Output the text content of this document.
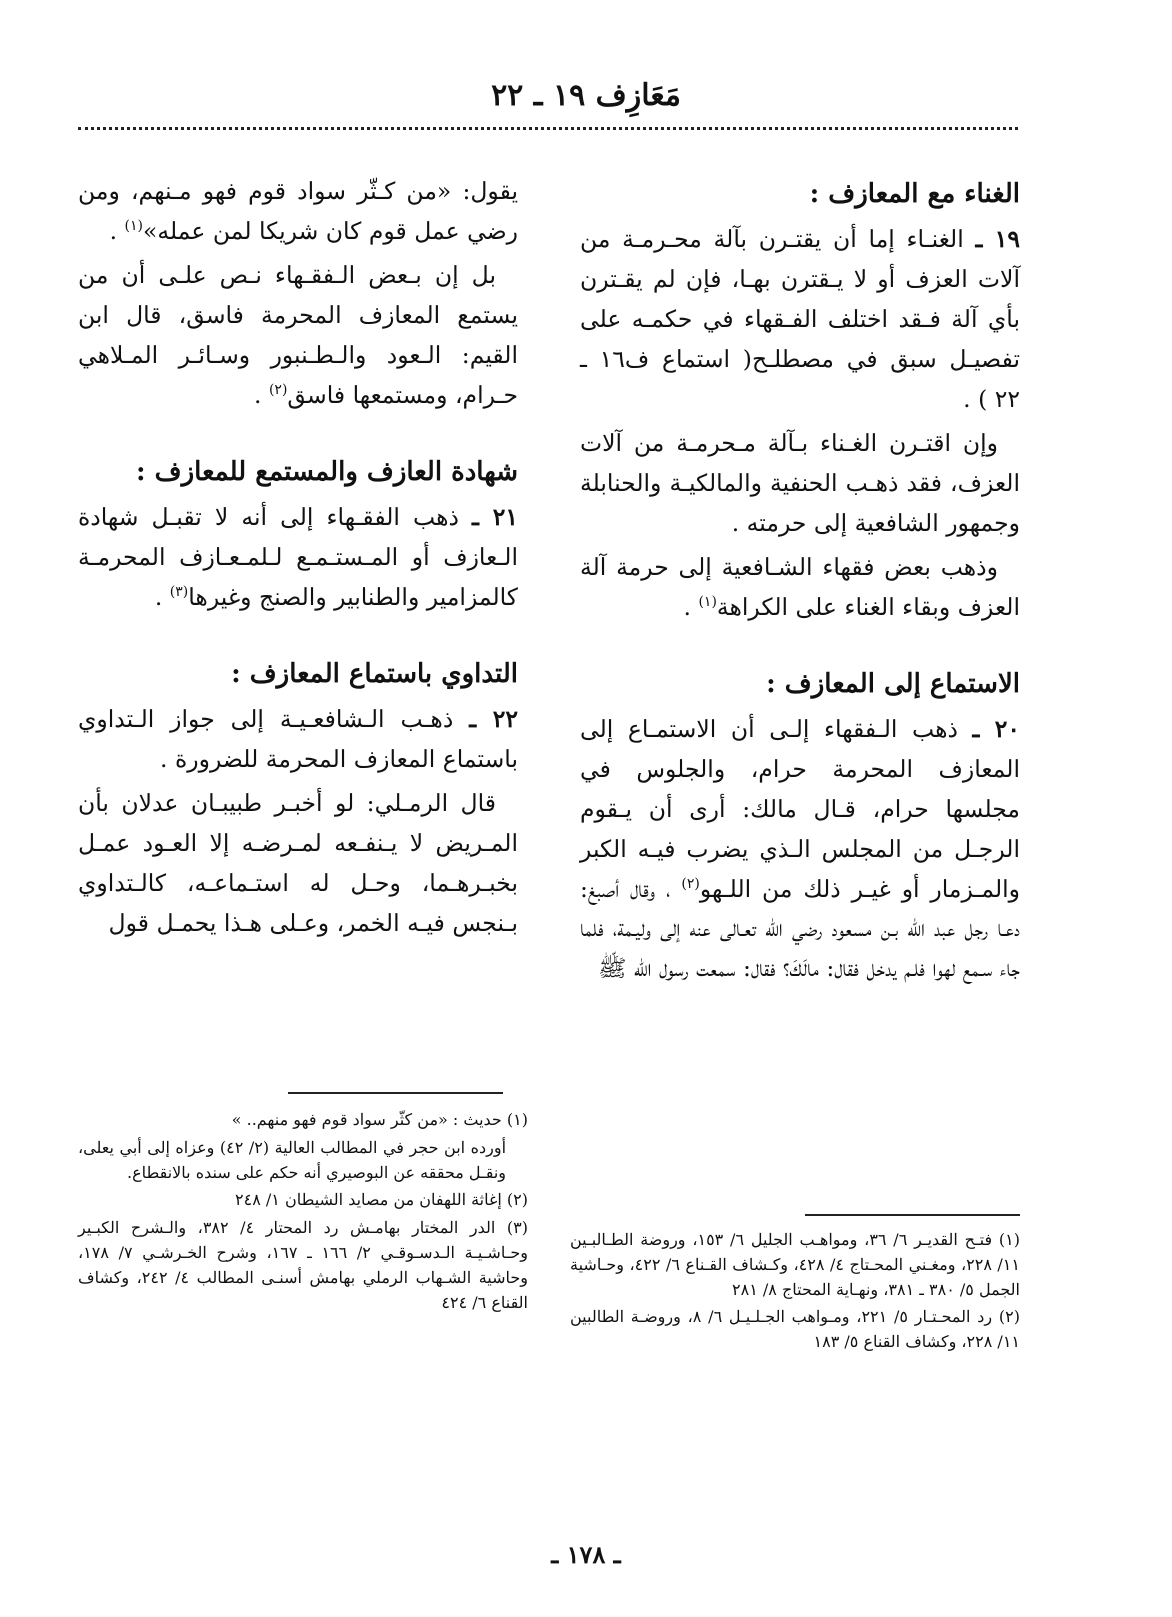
مَعَازِف ١٩ ـ ٢٢

الغناء مع المعازف :

١٩ ـ الغنـاء إما أن يقتـرن بآلة محـرمـة من آلات العزف أو لا يـقترن بهـا، فإن لم يقـترن بأي آلة فـقد اختلف الفـقهاء في حكمـه على تفصيـل سبق في مصطلـح( استماع ف١٦ ـ ٢٢ ) .

وإن اقتـرن الغـناء بـآلة مـحرمـة من آلات العزف، فقد ذهـب الحنفية والمالكيـة والحنابلة وجمهور الشافعية إلى حرمته .

وذهب بعض فقهاء الشـافعية إلى حرمة آلة العزف وبقاء الغناء على الكراهة$^{(١)}$ .

الاستماع إلى المعازف :

٢٠ ـ ذهب الـفقهاء إلـى أن الاستمـاع إلى المعازف المحرمة حرام، والجلوس في مجلسها حرام، قـال مالك: أرى أن يـقوم الرجـل من المجلس الـذي يضرب فيـه الكبر والمـزمار أو غيـر ذلك من اللـهو$^{(٢)}$ ، وقال أصبغ: دعـا رجل عبد الله بـن مسعود رضي الله تعـالى عنه إلى وليـمة، فلما جاء سـمع لهوا فلـم يدخل فقال: مالَكَ؟ فقال: سمعت رسول الله ﷺ

يقول: «من كـثّر سواد قوم فهو مـنهم، ومن رضي عمل قوم كان شريكا لمن عمله»$^{(١)}$ .

بل إن بـعض الـفقـهاء نـص علـى أن من يستمع المعازف المحرمة فاسق، قال ابن القيم: الـعود والـطـنبور وسـائـر المـلاهي حـرام، ومستمعها فاسق$^{(٢)}$ .

شهادة العازف والمستمع للمعازف :

٢١ ـ ذهب الفقـهاء إلى أنه لا تقبـل شهادة الـعازف أو المـستـمـع لـلمـعـازف المحرمـة كالمزامير والطنابير والصنج وغيرها$^{(٣)}$ .

التداوي باستماع المعازف :

٢٢ ـ ذهـب الـشافعـيـة إلى جواز الـتداوي باستماع المعازف المحرمة للضرورة .

قال الرمـلي: لو أخبـر طبيبـان عدلان بأن المـريض لا يـنفـعه لمـرضـه إلا العـود عمـل بخبـرهـما، وحـل له استـماعـه، كالـتداوي بـنجس فيـه الخمر، وعـلى هـذا يحمـل قول

(١) فتـح القديـر ٦/ ٣٦، ومواهـب الجليل ٦/ ١٥٣، وروضة الطـالبـين ١١/ ٢٢٨، ومغـني المحـتاج ٤/ ٤٢٨، وكـشاف القـناع ٦/ ٤٢٢، وحـاشية الجمل ٥/ ٣٨٠ ـ ٣٨١، ونهـاية المحتاج ٨/ ٢٨١

(٢) رد المحـتـار ٥/ ٢٢١، ومـواهب الجـلـيـل ٦/ ٨، وروضـة الطالبين ١١/ ٢٢٨، وكشاف القناع ٥/ ١٨٣

(١) حديث : «من كثّر سواد قوم فهو منهم.. »

أورده ابن حجر في المطالب العالية (٢/ ٤٢) وعزاه إلى أبي يعلى، ونقـل محققه عن البوصيري أنه حكم على سنده بالانقطاع.

(٢) إغاثة اللهفان من مصايد الشيطان ١/ ٢٤٨

(٣) الدر المختار بهامـش رد المحتار ٤/ ٣٨٢، والـشرح الكبـير وحـاشـيـة الـدسـوقـي ٢/ ١٦٦ ـ ١٦٧، وشرح الخـرشـي ٧/ ١٧٨، وحاشية الشـهاب الرملي بهامش أسنـى المطالب ٤/ ٢٤٢، وكشاف القناع ٦/ ٤٢٤

ـ ١٧٨ ـ
